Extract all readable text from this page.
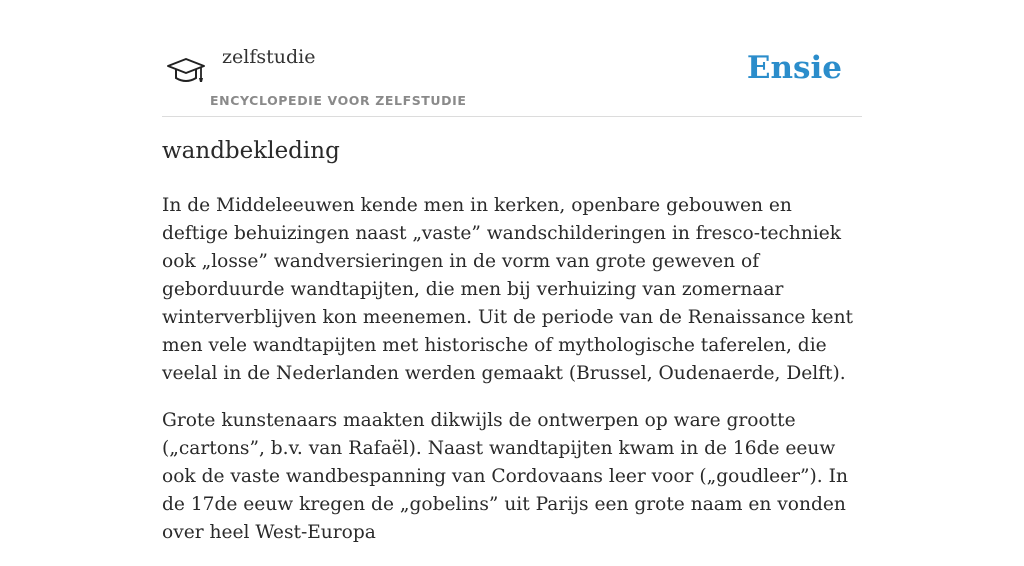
zelfstudie
ENCYCLOPEDIE VOOR ZELFSTUDIE
Ensie
wandbekleding

In de Middeleeuwen kende men in kerken, openbare gebouwen en deftige behuizingen naast „vaste” wandschilderingen in fresco-techniek ook „losse” wandversieringen in de vorm van grote geweven of geborduurde wandtapijten, die men bij verhuizing van zomernaar winterverblijven kon meenemen. Uit de periode van de Renaissance kent men vele wandtapijten met historische of mythologische taferelen, die veelal in de Nederlanden werden gemaakt (Brussel, Oudenaerde, Delft).

Grote kunstenaars maakten dikwijls de ontwerpen op ware grootte („cartons”, b.v. van Rafaël). Naast wandtapijten kwam in de 16de eeuw ook de vaste wandbespanning van Cordovaans leer voor („goudleer”). In de 17de eeuw kregen de „gobelins” uit Parijs een grote naam en vonden over heel West-Europa
